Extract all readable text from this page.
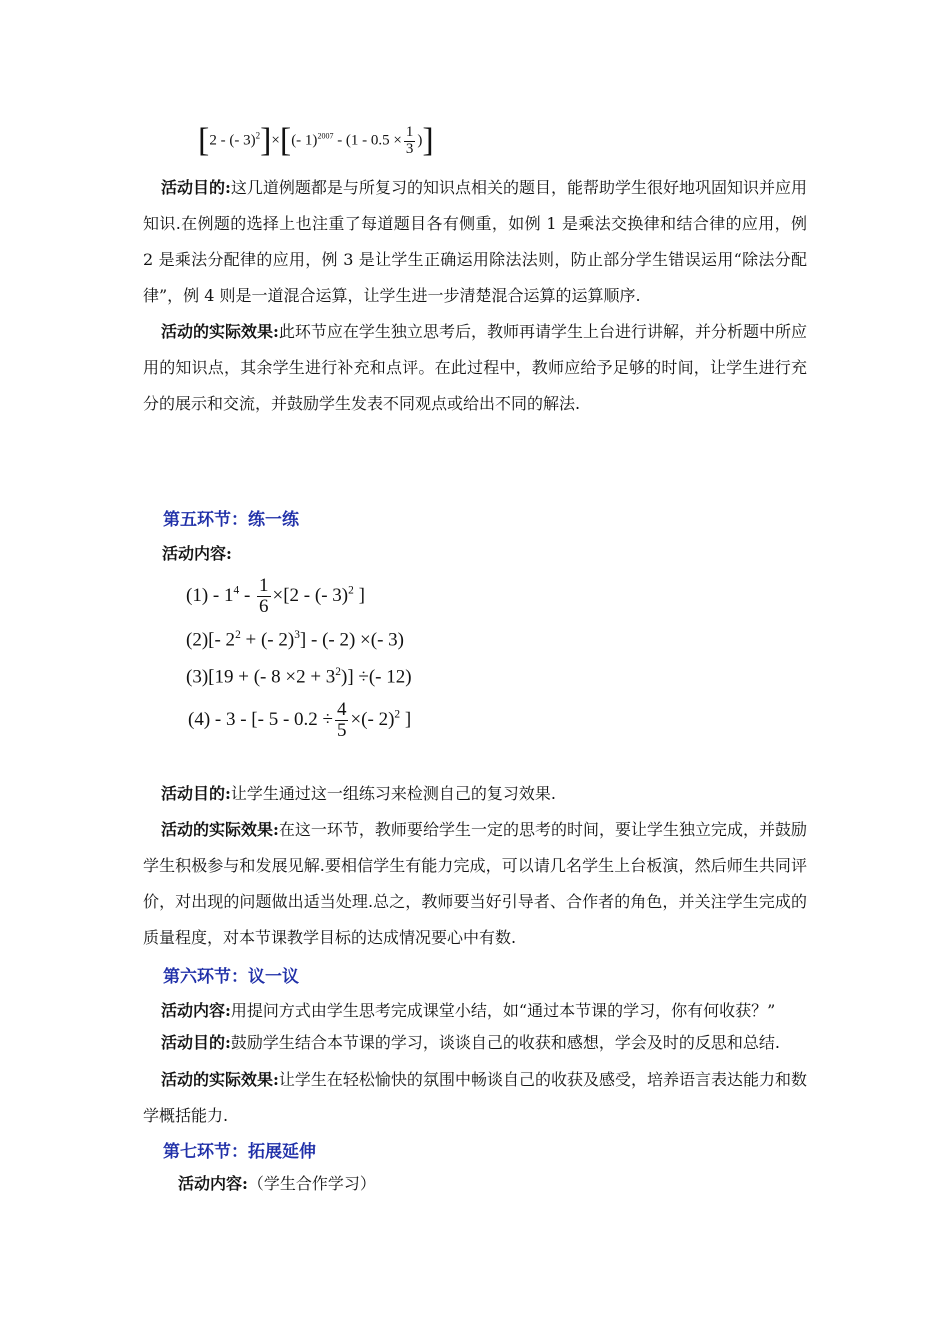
[2 - (- 3)$^2$]×[(- $1)^{2007} - (1 - 0.5 \times \frac{1}{3}$ )]

活动目的:这几道例题都是与所复习的知识点相关的题目，能帮助学生很好地巩固知识并应用知识.在例题的选择上也注重了每道题目各有侧重，如例 1 是乘法交换律和结合律的应用，例 2 是乘法分配律的应用，例 3 是让学生正确运用除法法则，防止部分学生错误运用“除法分配律”，例 4 则是一道混合运算，让学生进一步清楚混合运算的运算顺序.

活动的实际效果:此环节应在学生独立思考后，教师再请学生上台进行讲解，并分析题中所应用的知识点，其余学生进行补充和点评。在此过程中，教师应给予足够的时间，让学生进行充分的展示和交流，并鼓励学生发表不同观点或给出不同的解法.

第五环节：练一练
活动内容:
$(1) - 1^4 - \frac{1}{6} \times[2$ - (- 3)$^2$ ]
(2)[- $2^2$ + (- 2)$^3$] - (- 2) ×(- 3)
(3)[19 + (- $8 \times 2 + 3^2$)] ÷(- 12)
(4) - 3 - [- $5 - 0.2 \div \frac{4}{5}$ ×(- 2)$^2$ ]

活动目的:让学生通过这一组练习来检测自己的复习效果.

活动的实际效果:在这一环节，教师要给学生一定的思考的时间，要让学生独立完成，并鼓励学生积极参与和发展见解.要相信学生有能力完成，可以请几名学生上台板演，然后师生共同评价，对出现的问题做出适当处理.总之，教师要当好引导者、合作者的角色，并关注学生完成的质量程度，对本节课教学目标的达成情况要心中有数.

第六环节：议一议

活动内容:用提问方式由学生思考完成课堂小结，如“通过本节课的学习，你有何收获？”

活动目的:鼓励学生结合本节课的学习，谈谈自己的收获和感想，学会及时的反思和总结.

活动的实际效果:让学生在轻松愉快的氛围中畅谈自己的收获及感受，培养语言表达能力和数学概括能力.

第七环节：拓展延伸
活动内容:（学生合作学习）
